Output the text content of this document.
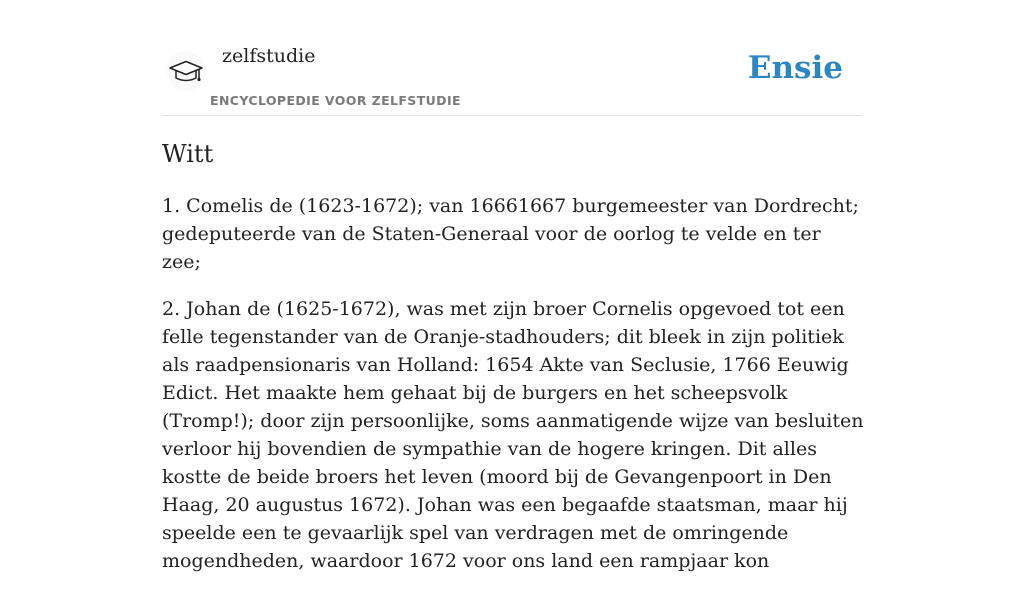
zelfstudie
ENCYCLOPEDIE VOOR ZELFSTUDIE
Ensie
Witt

1. Comelis de (1623-1672); van 16661667 burgemeester van Dordrecht; gedeputeerde van de Staten-Generaal voor de oorlog te velde en ter zee;

2. Johan de (1625-1672), was met zijn broer Cornelis opgevoed tot een felle tegenstander van de Oranje-stadhouders; dit bleek in zijn politiek als raadpensionaris van Holland: 1654 Akte van Seclusie, 1766 Eeuwig Edict. Het maakte hem gehaat bij de burgers en het scheepsvolk (Tromp!); door zijn persoonlijke, soms aanmatigende wijze van besluiten verloor hij bovendien de sympathie van de hogere kringen. Dit alles kostte de beide broers het leven (moord bij de Gevangenpoort in Den Haag, 20 augustus 1672). Johan was een begaafde staatsman, maar hij speelde een te gevaarlijk spel van verdragen met de omringende mogendheden, waardoor 1672 voor ons land een rampjaar kon
